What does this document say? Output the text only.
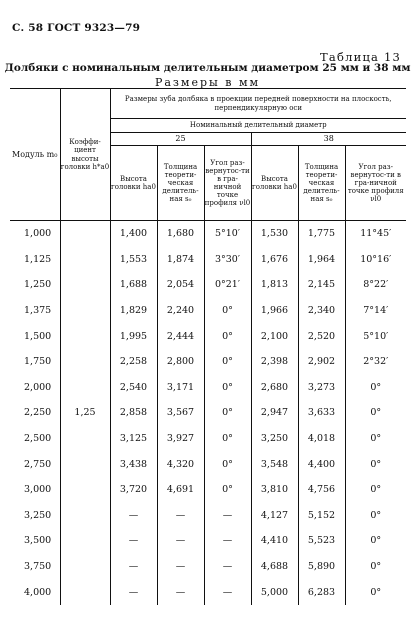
С. 58 ГОСТ 9323—79
Таблица 13
Долбяки с номинальным делительным диаметром 25 мм и 38 мм
Размеры в мм
Модуль m₀	Коэффи-циент высоты головки h*a0	Размеры зуба долбяка в проекции передней поверхности на плоскость, перпендикулярную оси					
		Номинальный делительный диаметр					
		25			38		
		Высота головки ha0	Толщина теорети-ческая делитель-ная s₀	Угол раз-вернутос-ти в гра-ничной точке профиля νl0	Высота головки ha0	Толщина теорети-ческая делитель-ная s₀	Угол раз-вернутос-ти в гра-ничной точке профиля νl0
1,000	1,25	1,400	1,680	5°10′	1,530	1,775	11°45′
1,125		1,553	1,874	3°30′	1,676	1,964	10°16′
1,250		1,688	2,054	0°21′	1,813	2,145	8°22′
1,375		1,829	2,240	0°	1,966	2,340	7°14′
1,500		1,995	2,444	0°	2,100	2,520	5°10′
1,750		2,258	2,800	0°	2,398	2,902	2°32′
2,000		2,540	3,171	0°	2,680	3,273	0°
2,250		2,858	3,567	0°	2,947	3,633	0°
2,500		3,125	3,927	0°	3,250	4,018	0°
2,750		3,438	4,320	0°	3,548	4,400	0°
3,000		3,720	4,691	0°	3,810	4,756	0°
3,250		—	—	—	4,127	5,152	0°
3,500		—	—	—	4,410	5,523	0°
3,750		—	—	—	4,688	5,890	0°
4,000		—	—	—	5,000	6,283	0°
